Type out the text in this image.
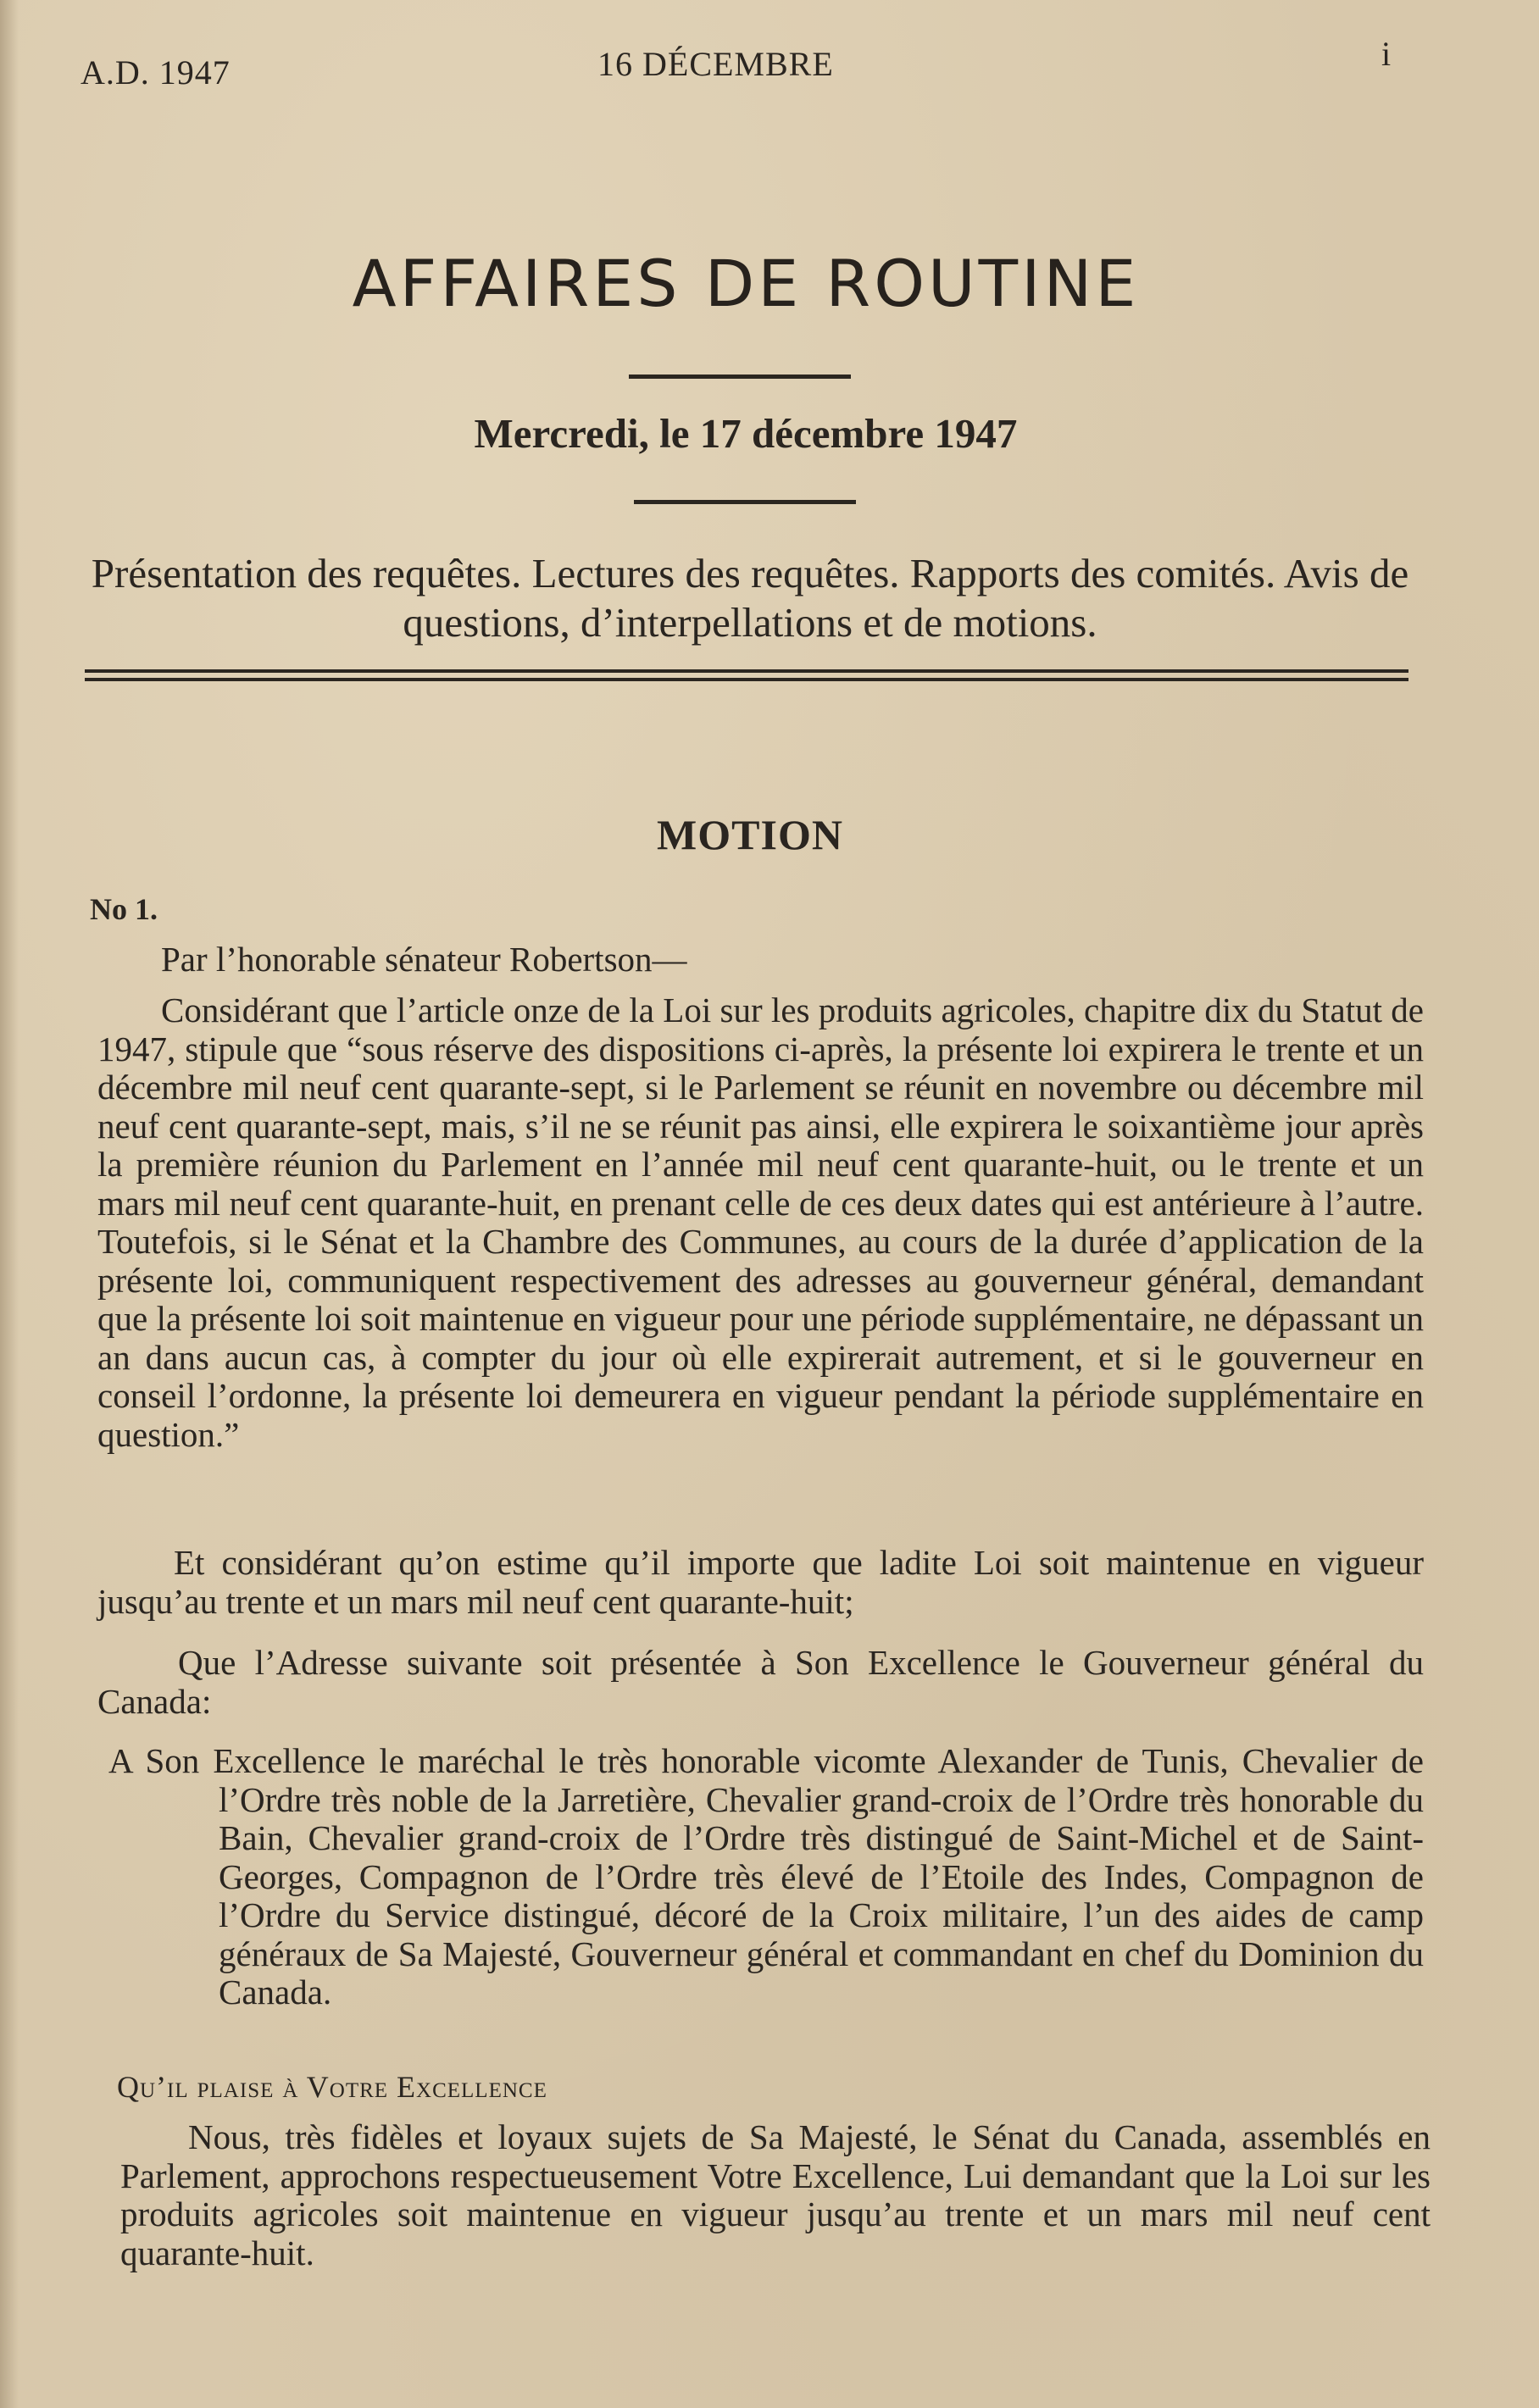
A.D. 1947	16 DÉCEMBRE	i
AFFAIRES DE ROUTINE
Mercredi, le 17 décembre 1947
Présentation des requêtes. Lectures des requêtes. Rapports des comités. Avis de questions, d’interpellations et de motions.
MOTION
No 1.

Par l’honorable sénateur Robertson—

Considérant que l’article onze de la Loi sur les produits agricoles, chapitre dix du Statut de 1947, stipule que “sous réserve des dispositions ci-après, la présente loi expirera le trente et un décembre mil neuf cent quarante-sept, si le Parlement se réunit en novembre ou décembre mil neuf cent quarante-sept, mais, s’il ne se réunit pas ainsi, elle expirera le soixantième jour après la première réunion du Parlement en l’année mil neuf cent quarante-huit, ou le trente et un mars mil neuf cent quarante-huit, en prenant celle de ces deux dates qui est antérieure à l’autre. Toutefois, si le Sénat et la Chambre des Communes, au cours de la durée d’application de la présente loi, communiquent respectivement des adresses au gouverneur général, demandant que la présente loi soit maintenue en vigueur pour une période supplémentaire, ne dépassant un an dans aucun cas, à compter du jour où elle expirerait autrement, et si le gouverneur en conseil l’ordonne, la présente loi demeurera en vigueur pendant la période supplémentaire en question.”

Et considérant qu’on estime qu’il importe que ladite Loi soit maintenue en vigueur jusqu’au trente et un mars mil neuf cent quarante-huit;

Que l’Adresse suivante soit présentée à Son Excellence le Gouverneur général du Canada:

A Son Excellence le maréchal le très honorable vicomte Alexander de Tunis, Chevalier de l’Ordre très noble de la Jarretière, Chevalier grand-croix de l’Ordre très honorable du Bain, Chevalier grand-croix de l’Ordre très distingué de Saint-Michel et de Saint-Georges, Compagnon de l’Ordre très élevé de l’Etoile des Indes, Compagnon de l’Ordre du Service distingué, décoré de la Croix militaire, l’un des aides de camp généraux de Sa Majesté, Gouverneur général et commandant en chef du Dominion du Canada.
Qu’il plaise à Votre Excellence

Nous, très fidèles et loyaux sujets de Sa Majesté, le Sénat du Canada, assemblés en Parlement, approchons respectueusement Votre Excellence, Lui demandant que la Loi sur les produits agricoles soit maintenue en vigueur jusqu’au trente et un mars mil neuf cent quarante-huit.
